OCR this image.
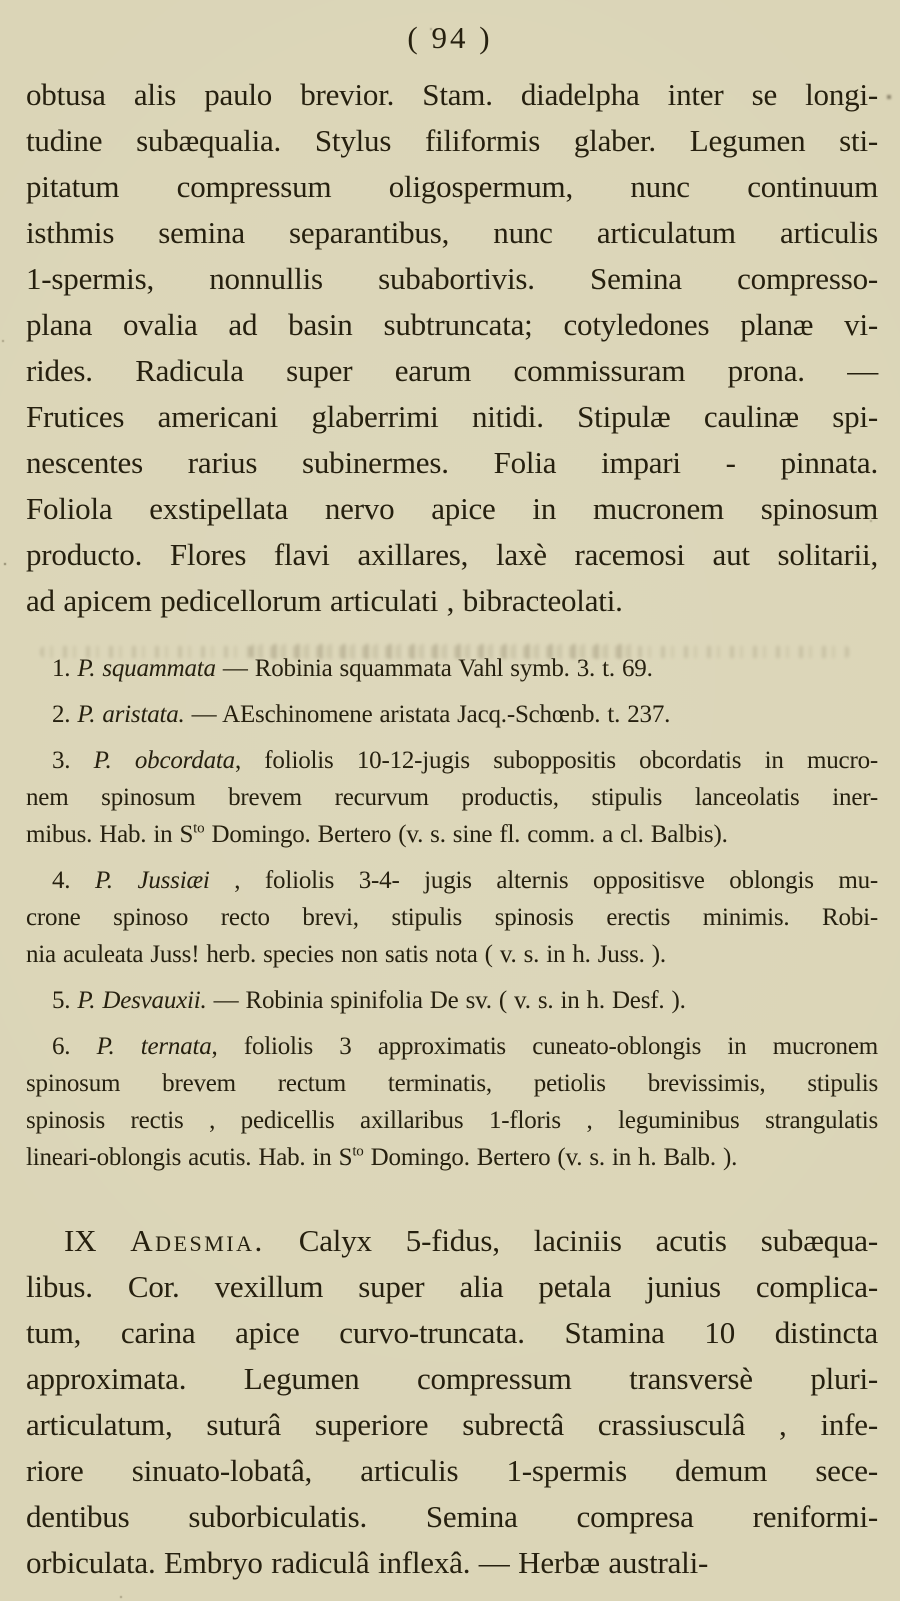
( 94 )
obtusa alis paulo brevior. Stam. diadelpha inter se longi-
tudine subæqualia. Stylus filiformis glaber. Legumen sti-
pitatum compressum oligospermum, nunc continuum
isthmis semina separantibus, nunc articulatum articulis
1-spermis, nonnullis subabortivis. Semina compresso-
plana ovalia ad basin subtruncata; cotyledones planæ vi-
rides. Radicula super earum commissuram prona. —
Frutices americani glaberrimi nitidi. Stipulæ caulinæ spi-
nescentes rarius subinermes. Folia impari - pinnata.
Foliola exstipellata nervo apice in mucronem spinosum
producto. Flores flavi axillares, laxè racemosi aut solitarii,
ad apicem pedicellorum articulati , bibracteolati.
1. P. squammata — Robinia squammata Vahl symb. 3. t. 69.
2. P. aristata. — AEschinomene aristata Jacq.-Schœnb. t. 237.
3. P. obcordata, foliolis 10-12-jugis suboppositis obcordatis in mucro-
nem spinosum brevem recurvum productis, stipulis lanceolatis iner-
mibus. Hab. in $S^{to}$ Domingo. Bertero (v. s. sine fl. comm. a cl. Balbis).
4. P. Jussiæi , foliolis 3-4- jugis alternis oppositisve oblongis mu-
crone spinoso recto brevi, stipulis spinosis erectis minimis. Robi-
nia aculeata Juss! herb. species non satis nota ( v. s. in h. Juss. ).
5. P. Desvauxii. — Robinia spinifolia De sv. ( v. s. in h. Desf. ).
6. P. ternata, foliolis 3 approximatis cuneato-oblongis in mucronem
spinosum brevem rectum terminatis, petiolis brevissimis, stipulis
spinosis rectis , pedicellis axillaribus 1-floris , leguminibus strangulatis
lineari-oblongis acutis. Hab. in $S^{to}$ Domingo. Bertero (v. s. in h. Balb. ).
IX Adesmia. Calyx 5-fidus, laciniis acutis subæqua-
libus. Cor. vexillum super alia petala junius complica-
tum, carina apice curvo-truncata. Stamina 10 distincta
approximata. Legumen compressum transversè pluri-
articulatum, suturâ superiore subrectâ crassiusculâ , infe-
riore sinuato-lobatâ, articulis 1-spermis demum sece-
dentibus suborbiculatis. Semina compresa reniformi-
orbiculata. Embryo radiculâ inflexâ. — Herbæ australi-
